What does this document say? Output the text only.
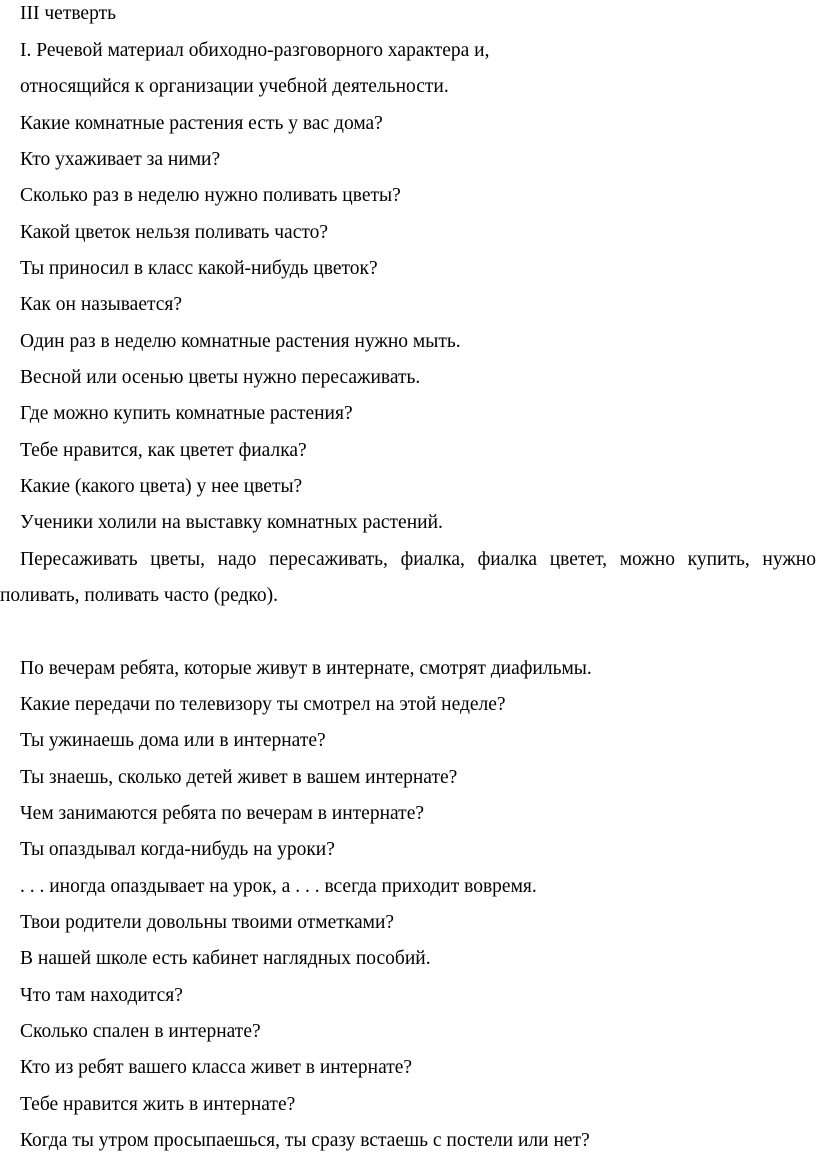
III четверть
I. Речевой материал обиходно-разговорного характера и,
относящийся к организации учебной деятельности.
Какие комнатные растения есть у вас дома?
Кто ухаживает за ними?
Сколько раз в неделю нужно поливать цветы?
Какой цветок нельзя поливать часто?
Ты приносил в класс какой-нибудь цветок?
Как он называется?
Один раз в неделю комнатные растения нужно мыть.
Весной или осенью цветы нужно пересаживать.
Где можно купить комнатные растения?
Тебе нравится, как цветет фиалка?
Какие (какого цвета) у нее цветы?
Ученики холили на выставку комнатных растений.
Пересаживать цветы, надо пересаживать, фиалка, фиалка цветет, можно купить, нужно
поливать, поливать часто (редко).
По вечерам ребята, которые живут в интернате, смотрят диафильмы.
Какие передачи по телевизору ты смотрел на этой неделе?
Ты ужинаешь дома или в интернате?
Ты знаешь, сколько детей живет в вашем интернате?
Чем занимаются ребята по вечерам в интернате?
Ты опаздывал когда-нибудь на уроки?
. . . иногда опаздывает на урок, а . . . всегда приходит вовремя.
Твои родители довольны твоими отметками?
В нашей школе есть кабинет наглядных пособий.
Что там находится?
Сколько спален в интернате?
Кто из ребят вашего класса живет в интернате?
Тебе нравится жить в интернате?
Когда ты утром просыпаешься, ты сразу встаешь с постели или нет?
